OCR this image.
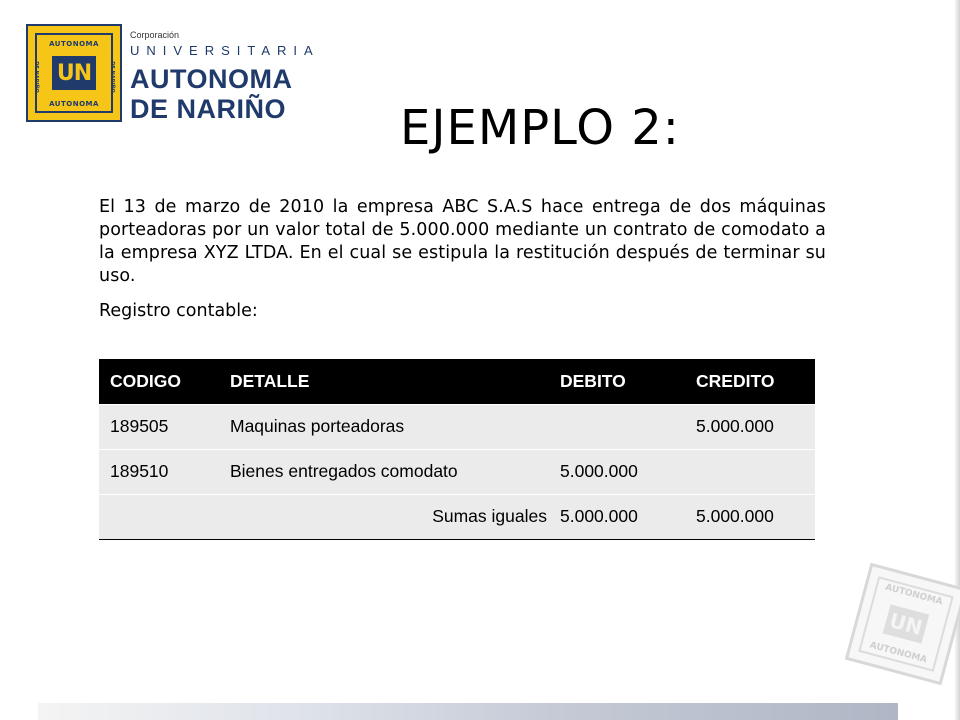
AUTONOMA
DE NARIÑO	DE NARIÑO
UN
AUTONOMA
Corporación
UNIVERSITARIA
AUTONOMA
DE NARIÑO	EJEMPLO 2:
El 13 de marzo de 2010 la empresa ABC S.A.S hace entrega de dos máquinas porteadoras por un valor total de 5.000.000 mediante un contrato de comodato a la empresa XYZ LTDA. En el cual se estipula la restitución después de terminar su uso.
Registro contable:
CODIGO	DETALLE	DEBITO	CREDITO
189505	Maquinas porteadoras		5.000.000
189510	Bienes entregados comodato	5.000.000	
Sumas iguales		5.000.000	5.000.000
AUTONOMA
UN
AUTONOMA
